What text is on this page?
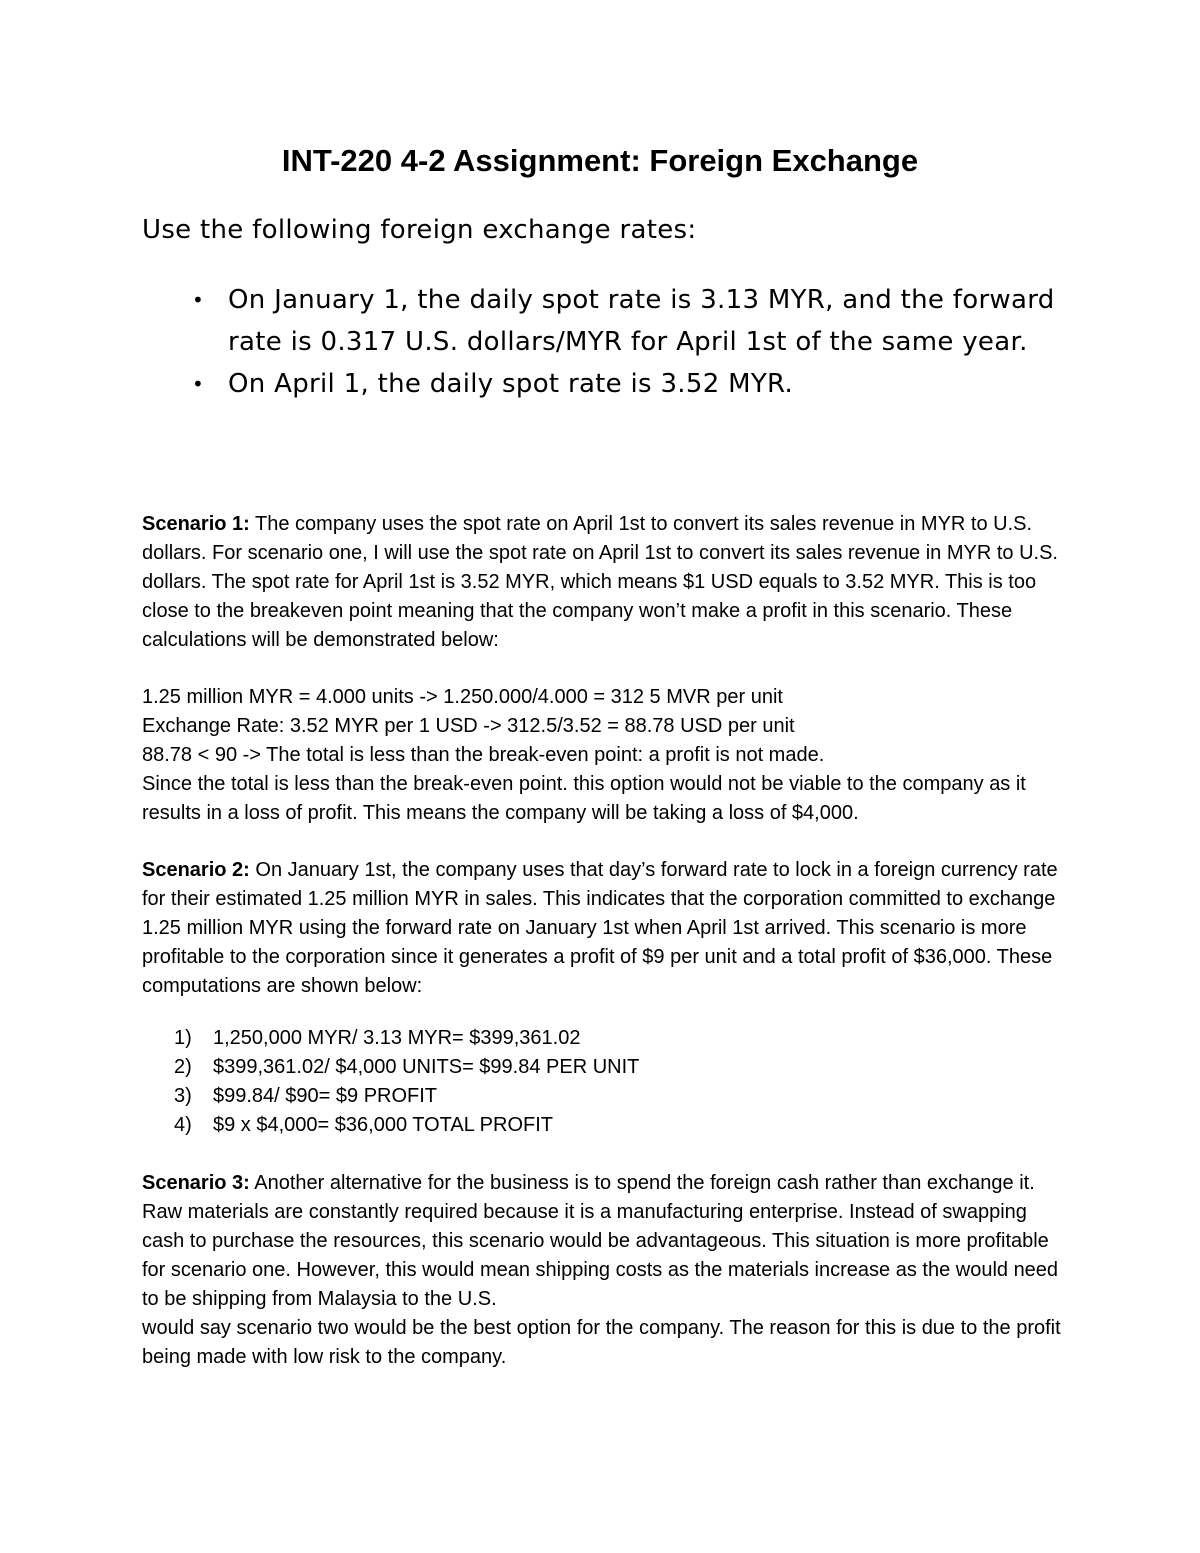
INT-220 4-2 Assignment: Foreign Exchange

Use the following foreign exchange rates:

• On January 1, the daily spot rate is 3.13 MYR, and the forward rate is 0.317 U.S. dollars/MYR for April 1st of the same year.
• On April 1, the daily spot rate is 3.52 MYR.

Scenario 1: The company uses the spot rate on April 1st to convert its sales revenue in MYR to U.S. dollars. For scenario one, I will use the spot rate on April 1st to convert its sales revenue in MYR to U.S. dollars. The spot rate for April 1st is 3.52 MYR, which means $1 USD equals to 3.52 MYR. This is too close to the breakeven point meaning that the company won’t make a profit in this scenario. These calculations will be demonstrated below:

1.25 million MYR = 4.000 units -> 1.250.000/4.000 = 312 5 MVR per unit
Exchange Rate: 3.52 MYR per 1 USD -> 312.5/3.52 = 88.78 USD per unit
88.78 < 90 -> The total is less than the break-even point: a profit is not made.
Since the total is less than the break-even point. this option would not be viable to the company as it results in a loss of profit. This means the company will be taking a loss of $4,000.

Scenario 2: On January 1st, the company uses that day’s forward rate to lock in a foreign currency rate for their estimated 1.25 million MYR in sales. This indicates that the corporation committed to exchange 1.25 million MYR using the forward rate on January 1st when April 1st arrived. This scenario is more profitable to the corporation since it generates a profit of $9 per unit and a total profit of $36,000. These computations are shown below:

1) 1,250,000 MYR/ 3.13 MYR= $399,361.02
2) $399,361.02/ $4,000 UNITS= $99.84 PER UNIT
3) $99.84/ $90= $9 PROFIT
4) $9 x $4,000= $36,000 TOTAL PROFIT

Scenario 3: Another alternative for the business is to spend the foreign cash rather than exchange it. Raw materials are constantly required because it is a manufacturing enterprise. Instead of swapping cash to purchase the resources, this scenario would be advantageous. This situation is more profitable for scenario one. However, this would mean shipping costs as the materials increase as the would need to be shipping from Malaysia to the U.S.
would say scenario two would be the best option for the company. The reason for this is due to the profit being made with low risk to the company.
